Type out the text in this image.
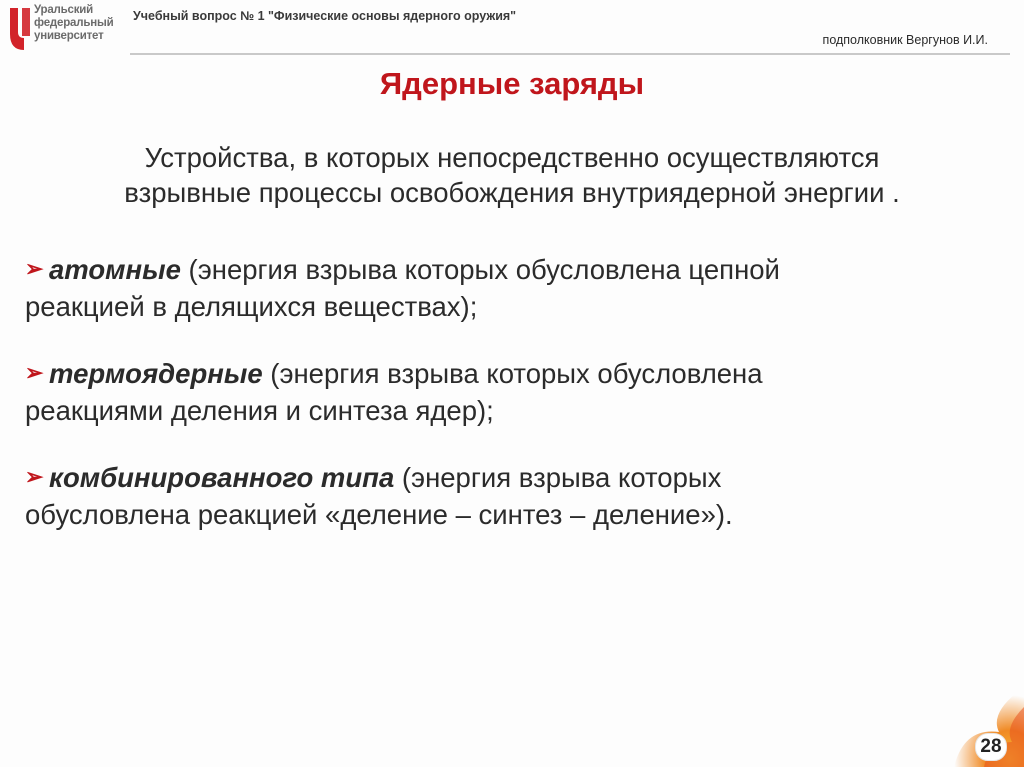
Уральский
федеральный
университет
Учебный вопрос № 1 "Физические основы ядерного оружия"
подполковник Вергунов И.И.
Ядерные заряды
Устройства, в которых непосредственно осуществляются
взрывные процессы освобождения внутриядерной энергии .
➢ атомные (энергия взрыва которых обусловлена цепной
реакцией в делящихся веществах);
➢ термоядерные (энергия взрыва которых обусловлена
реакциями деления и синтеза ядер);
➢ комбинированного типа (энергия взрыва которых
обусловлена реакцией «деление – синтез – деление»).
28
